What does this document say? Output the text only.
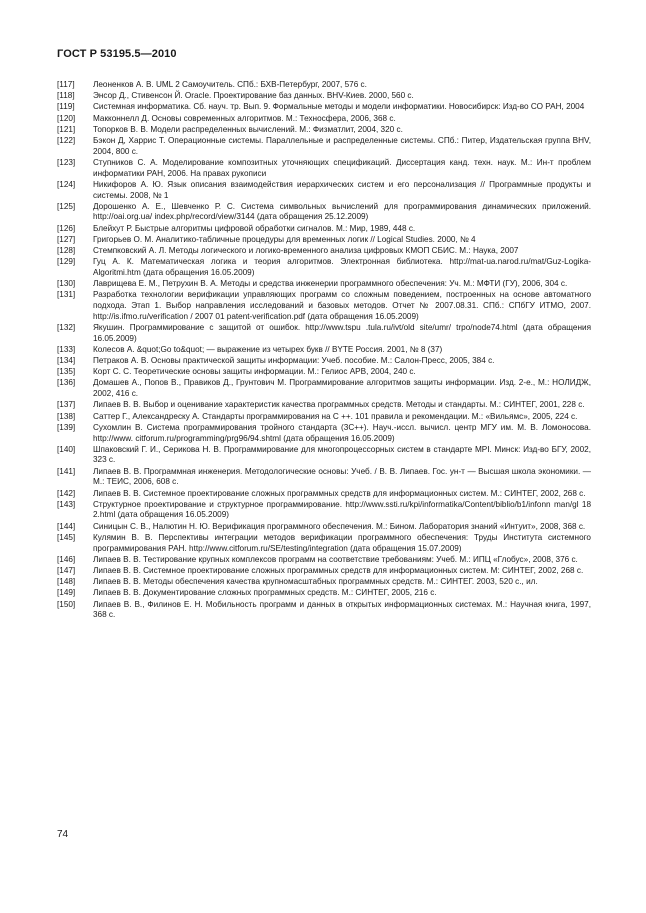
ГОСТ Р 53195.5—2010
[117]	Леоненков А. В. UML 2 Самоучитель. СПб.: БХВ-Петербург, 2007, 576 с.
[118]	Энсор Д., Стивенсон Й. Oracle. Проектирование баз данных. BHV-Киев. 2000, 560 с.
[119]	Системная информатика. Сб. науч. тр. Вып. 9. Формальные методы и модели информатики. Новосибирск: Изд-во СО РАН, 2004
[120]	Макконнелл Д. Основы современных алгоритмов. М.: Техносфера, 2006, 368 с.
[121]	Топорков В. В. Модели распределенных вычислений. М.: Физматлит, 2004, 320 с.
[122]	Бэкон Д, Харрис Т. Операционные системы. Параллельные и распределенные системы. СПб.: Питер, Издательская группа BHV, 2004, 800 с.
[123]	Ступников С. А. Моделирование композитных уточняющих спецификаций. Диссертация канд. техн. наук. М.: Ин-т проблем информатики РАН, 2006. На правах рукописи
[124]	Никифоров А. Ю. Язык описания взаимодействия иерархических систем и его персонализация // Программные продукты и системы. 2008, № 1
[125]	Дорошенко А. Е., Шевченко Р. С. Система символьных вычислений для программирования динамических приложений. http://oai.org.ua/ index.php/record/view/3144 (дата обращения 25.12.2009)
[126]	Блейхут Р. Быстрые алгоритмы цифровой обработки сигналов. М.: Мир, 1989, 448 с.
[127]	Григорьев О. М. Аналитико-табличные процедуры для временных логик // Logical Studies. 2000, № 4
[128]	Стемпковский А. Л. Методы логического и логико-временного анализа цифровых КМОП СБИС. М.: Наука, 2007
[129]	Гуц А. К. Математическая логика и теория алгоритмов. Электронная библиотека. http://mat-ua.narod.ru/mat/Guz-Logika-Algoritmi.htm (дата обращения 16.05.2009)
[130]	Лаврищева Е. М., Петрухин В. А. Методы и средства инженерии программного обеспечения: Уч. М.: МФТИ (ГУ), 2006, 304 с.
[131]	Разработка технологии верификации управляющих программ со сложным поведением, построенных на основе автоматного подхода. Этап 1. Выбор направления исследований и базовых методов. Отчет № 2007.08.31. СПб.: СПбГУ ИТМО, 2007. http://is.ifmo.ru/verification / 2007 01 patent-verification.pdf (дата обращения 16.05.2009)
[132]	Якушин. Программирование с защитой от ошибок. http://www.tspu .tula.ru/ivt/old site/umr/ trpo/node74.html (дата обращения 16.05.2009)
[133]	Колесов А. &quot;Go to&quot; — выражение из четырех букв // BYTE Россия. 2001, № 8 (37)
[134]	Петраков А. В. Основы практической защиты информации: Учеб. пособие. М.: Салон-Пресс, 2005, 384 с.
[135]	Корт С. С. Теоретические основы защиты информации. М.: Гелиос АРВ, 2004, 240 с.
[136]	Домашев А., Попов В., Правиков Д., Грунтович М. Программирование алгоритмов защиты информации. Изд. 2-е., М.: НОЛИДЖ, 2002, 416 с.
[137]	Липаев В. В. Выбор и оценивание характеристик качества программных средств. Методы и стандарты. М.: СИНТЕГ, 2001, 228 с.
[138]	Саттер Г., Александреску А. Стандарты программирования на С ++. 101 правила и рекомендации. М.: «Вильямс», 2005, 224 с.
[139]	Сухомлин В. Система программирования тройного стандарта (3С++). Науч.-иссл. вычисл. центр МГУ им. М. В. Ломоносова. http://www. citforum.ru/programming/prg96/94.shtml (дата обращения 16.05.2009)
[140]	Шпаковский Г. И., Серикова Н. В. Программирование для многопроцессорных систем в стандарте MPI. Минск: Изд-во БГУ, 2002, 323 с.
[141]	Липаев В. В. Программная инженерия. Методологические основы: Учеб. / В. В. Липаев. Гос. ун-т — Высшая школа экономики. — М.: ТЕИС, 2006, 608 с.
[142]	Липаев В. В. Системное проектирование сложных программных средств для информационных систем. М.: СИНТЕГ, 2002, 268 с.
[143]	Структурное проектирование и структурное программирование. http://www.ssti.ru/kpi/informatika/Content/biblio/b1/infonn man/gl 18 2.html (дата обращения 16.05.2009)
[144]	Синицын С. В., Налютин Н. Ю. Верификация программного обеспечения. М.: Бином. Лаборатория знаний «Интуит», 2008, 368 с.
[145]	Кулямин В. В. Перспективы интеграции методов верификации программного обеспечения: Труды Института системного программирования РАН. http://www.citforum.ru/SE/testing/integration (дата обращения 15.07.2009)
[146]	Липаев В. В. Тестирование крупных комплексов программ на соответствие требованиям: Учеб. М.: ИПЦ «Глобус», 2008, 376 с.
[147]	Липаев В. В. Системное проектирование сложных программных средств для информационных систем. М: СИНТЕГ, 2002, 268 с.
[148]	Липаев В. В. Методы обеспечения качества крупномасштабных программных средств. М.: СИНТЕГ. 2003, 520 с., ил.
[149]	Липаев В. В. Документирование сложных программных средств. М.: СИНТЕГ, 2005, 216 с.
[150]	Липаев В. В., Филинов Е. Н. Мобильность программ и данных в открытых информационных системах. М.: Научная книга, 1997, 368 с.
74
